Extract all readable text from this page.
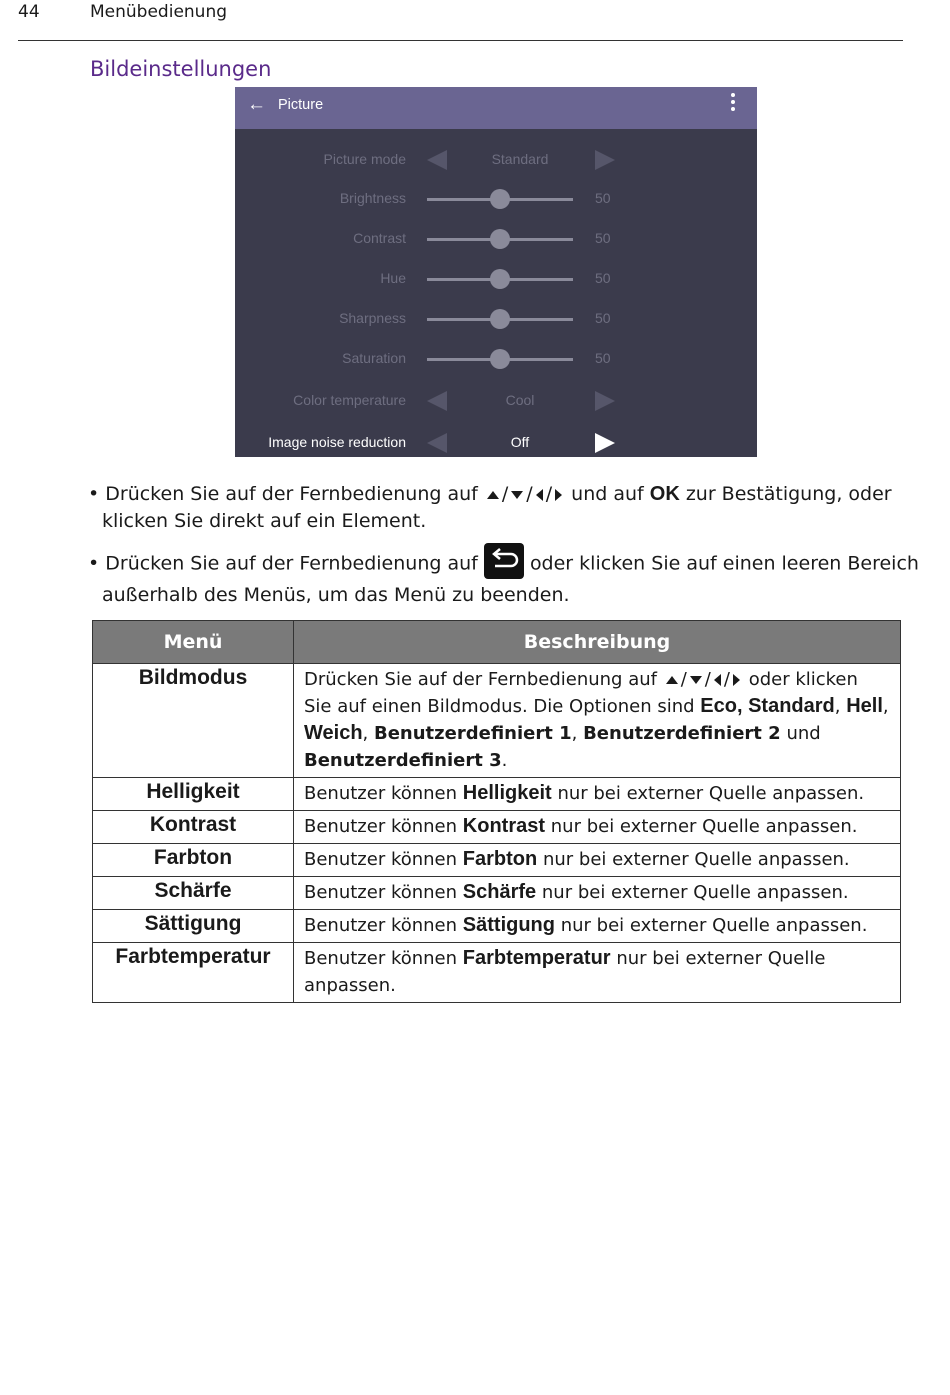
44	Menübedienung
Bildeinstellungen
← Picture
Picture mode	Standard
Brightness	50
Contrast	50
Hue	50
Sharpness	50
Saturation	50
Color temperature	Cool
Image noise reduction	Off
• Drücken Sie auf der Fernbedienung auf / / / und auf OK zur Bestätigung, oder
klicken Sie direkt auf ein Element.
• Drücken Sie auf der Fernbedienung auf	oder klicken Sie auf einen leeren Bereich
außerhalb des Menüs, um das Menü zu beenden.
Menü	Beschreibung
Bildmodus	Drücken Sie auf der Fernbedienung auf / / / oder klicken Sie auf einen Bildmodus. Die Optionen sind Eco, Standard, Hell, Weich, Benutzerdefiniert 1, Benutzerdefiniert 2 und Benutzerdefiniert 3.
Helligkeit	Benutzer können Helligkeit nur bei externer Quelle anpassen.
Kontrast	Benutzer können Kontrast nur bei externer Quelle anpassen.
Farbton	Benutzer können Farbton nur bei externer Quelle anpassen.
Schärfe	Benutzer können Schärfe nur bei externer Quelle anpassen.
Sättigung	Benutzer können Sättigung nur bei externer Quelle anpassen.
Farbtemperatur	Benutzer können Farbtemperatur nur bei externer Quelle anpassen.
